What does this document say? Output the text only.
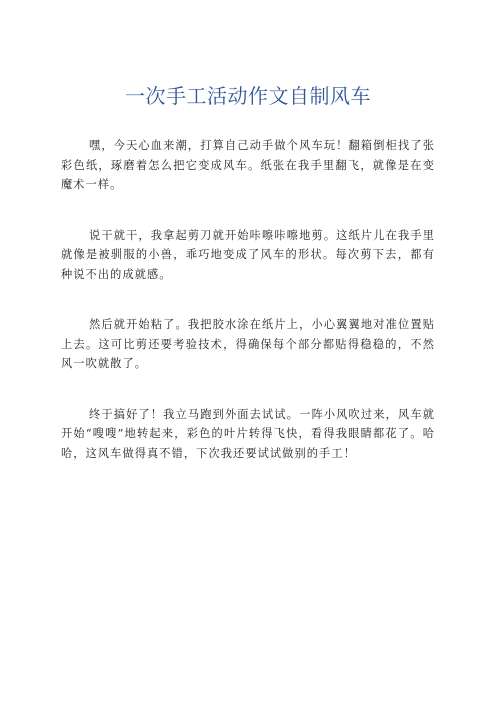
一次手工活动作文自制风车

嘿，今天心血来潮，打算自己动手做个风车玩！翻箱倒柜找了张彩色纸，琢磨着怎么把它变成风车。纸张在我手里翻飞，就像是在变魔术一样。

说干就干，我拿起剪刀就开始咔嚓咔嚓地剪。这纸片儿在我手里就像是被驯服的小兽，乖巧地变成了风车的形状。每次剪下去，都有种说不出的成就感。

然后就开始粘了。我把胶水涂在纸片上，小心翼翼地对准位置贴上去。这可比剪还要考验技术，得确保每个部分都贴得稳稳的，不然风一吹就散了。

终于搞好了！我立马跑到外面去试试。一阵小风吹过来，风车就开始“嗖嗖”地转起来，彩色的叶片转得飞快，看得我眼睛都花了。哈哈，这风车做得真不错，下次我还要试试做别的手工！
